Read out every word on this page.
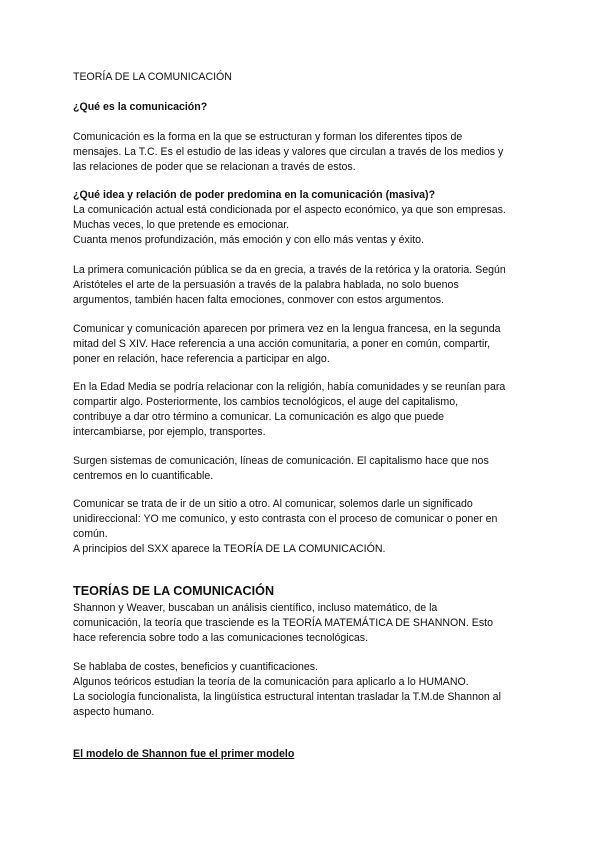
TEORÍA DE LA COMUNICACIÓN

¿Qué es la comunicación?

Comunicación es la forma en la que se estructuran y forman los diferentes tipos de

mensajes. La T.C. Es el estudio de las ideas y valores que circulan a través de los medios y

las relaciones de poder que se relacionan a través de estos.

¿Qué idea y relación de poder predomina en la comunicación (masiva)?

La comunicación actual está condicionada por el aspecto económico, ya que son empresas.

Muchas veces, lo que pretende es emocionar.

Cuanta menos profundización, más emoción y con ello más ventas y éxito.

La primera comunicación pública se da en grecia, a través de la retórica y la oratoria. Según

Aristóteles el arte de la persuasión a través de la palabra hablada, no solo buenos

argumentos, también hacen falta emociones, conmover con estos argumentos.

Comunicar y comunicación aparecen por primera vez en la lengua francesa, en la segunda

mitad del S XIV. Hace referencia a una acción comunitaria, a poner en común, compartir,

poner en relación, hace referencia a participar en algo.

En la Edad Media se podría relacionar con la religión, había comunidades y se reunían para

compartir algo. Posteriormente, los cambios tecnológicos, el auge del capitalismo,

contribuye a dar otro término a comunicar. La comunicación es algo que puede

intercambiarse, por ejemplo, transportes.

Surgen sistemas de comunicación, líneas de comunicación. El capitalismo hace que nos

centremos en lo cuantificable.

Comunicar se trata de ir de un sitio a otro. Al comunicar, solemos darle un significado

unidireccional: YO me comunico, y esto contrasta con el proceso de comunicar o poner en

común.

A principios del SXX aparece la TEORÍA DE LA COMUNICACIÓN.

TEORÍAS DE LA COMUNICACIÓN

Shannon y Weaver, buscaban un análisis científico, incluso matemático, de la

comunicación, la teoría que trasciende es la TEORÍA MATEMÁTICA DE SHANNON. Esto

hace referencia sobre todo a las comunicaciones tecnológicas.

Se hablaba de costes, beneficios y cuantificaciones.

Algunos teóricos estudian la teoría de la comunicación para aplicarlo a lo HUMANO.

La sociología funcionalista, la lingüística estructural intentan trasladar la T.M.de Shannon al

aspecto humano.

El modelo de Shannon fue el primer modelo
